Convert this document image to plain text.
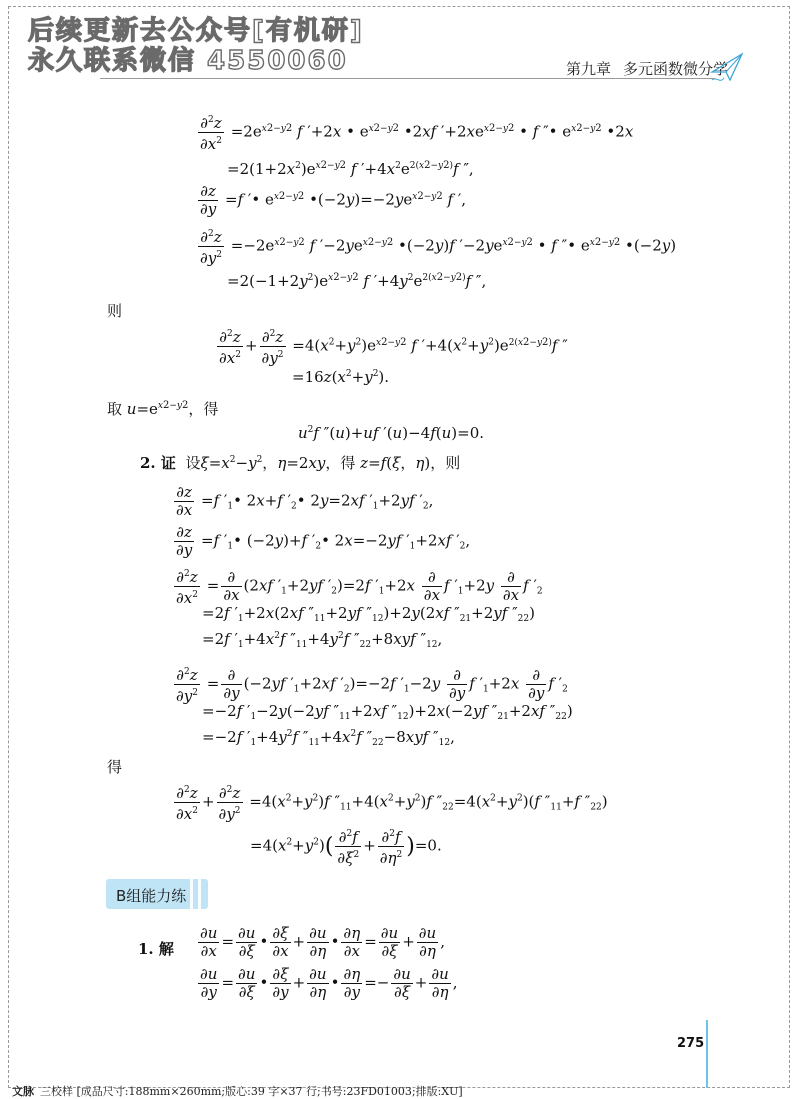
后续更新去公众号[有机研]
永久联系微信 4550060	第九章 多元函数微分学
$\frac{\partial^2z}{\partial x^2} =2e^{x2-y2}$ f ′+2x • $e^{x2-y2}$ •2xf $'+2xe^{x2-y2}$ • f ″• $e^{x2-y2}$ •2x
$=2(1+2x^2)e^{x2-y2}$ f $'+4x^2e^{2(x2-y2)}f$ ″,
$\frac{\partial z}{\partial y} =f$ ′• $e^{x2-y2}$ $•(-2y)=-2ye^{x2-y2}$ f ′,
$\frac{\partial^2z}{\partial y^2} =-2e^{x2-y2}$ f $'-2ye^{x2-y2}$ •(−2y)f $'-2ye^{x2-y2}$ • f ″• $e^{x2-y2}$ •(−2y)
$=2(-1+2y^2)e^{x2-y2}$ f $'+4y^2e^{2(x2-y2)}f$ ″,
则
$\frac{\partial^2z}{\partial x^2} + \frac{\partial^2z}{\partial y^2} =4(x^2+y^2)e^{x2-y2}$ f $'+4(x^2+y^2)e^{2(x2-y2)}f$ ″
$=16z(x^2+y^2)$.
取 $u=e^{x2-y2}$，得
$u^2f$ ″(u)+uf ′(u)−4f(u)=0.
2. 证 设$\xi=x^2-y^2$，η=2xy，得 z=f(ξ，η)，则
$\frac{\partial z}{\partial x} =f$ $'_1•$ 2x+f $'_2•$ 2y=2xf $'_1+2yf$ $'_2$,
$\frac{\partial z}{\partial y} =f$ $'_1•$ (−2y)+f $'_2•$ 2x=−2yf $'_1+2xf$ $'_2$,
$\frac{\partial^2z}{\partial x^2} = \frac{\partial}{\partial x} (2xf$ $'_1+2yf$ $'_2)=2f$ $'_1+2x \frac{\partial}{\partial x}$ f $'_1+2y \frac{\partial}{\partial x}$ f $'_2$
=2f $'_1+2x(2xf$ $''_{11}+2yf$ $''_{12})+2y(2xf$ $''_{21}+2yf$ $''_{22}$)
=2f $'_1+4x^2f$ $''_{11}+4y^2f$ $''_{22}+8xyf$ $''_{12}$,
$\frac{\partial^2z}{\partial y^2} = \frac{\partial}{\partial y} (-2yf$ $'_1+2xf$ $'_2)=-2f$ $'_1-2y \frac{\partial}{\partial y}$ f $'_1+2x \frac{\partial}{\partial y}$ f $'_2$
=−2f $'_1-2y(-2yf$ $''_{11}+2xf$ $''_{12})+2x(-2yf$ $''_{21}+2xf$ $''_{22}$)
=−2f $'_1+4y^2f$ $''_{11}+4x^2f$ $''_{22}-8xyf$ $''_{12}$,
得
$\frac{\partial^2z}{\partial x^2} + \frac{\partial^2z}{\partial y^2} =4(x^2+y^2)f$ $''_{11}+4(x^2+y^2)f$ $''_{22}=4(x^2+y^2)(f$ $''_{11}+f$ $''_{22}$)
$=4(x^2+y^2)( \frac{\partial^2f}{\partial\xi^2} + \frac{\partial^2f}{\partial\eta^2} )=0$.
B组能力练
1. 解 $\frac{\partial u}{\partial x} = \frac{\partial u}{\partial\xi}$ • $\frac{\partial\xi}{\partial x} + \frac{\partial u}{\partial\eta}$ • $\frac{\partial\eta}{\partial x} = \frac{\partial u}{\partial\xi} + \frac{\partial u}{\partial\eta}$ ,
$\frac{\partial u}{\partial y} = \frac{\partial u}{\partial\xi}$ • $\frac{\partial\xi}{\partial y} + \frac{\partial u}{\partial\eta}$ • $\frac{\partial\eta}{\partial y} =- \frac{\partial u}{\partial\xi} + \frac{\partial u}{\partial\eta}$ ,
275
文脉 三校样 [成品尺寸:188mm×260mm;版心:39 字×37 行;书号:23FD01003;排版:XU]
